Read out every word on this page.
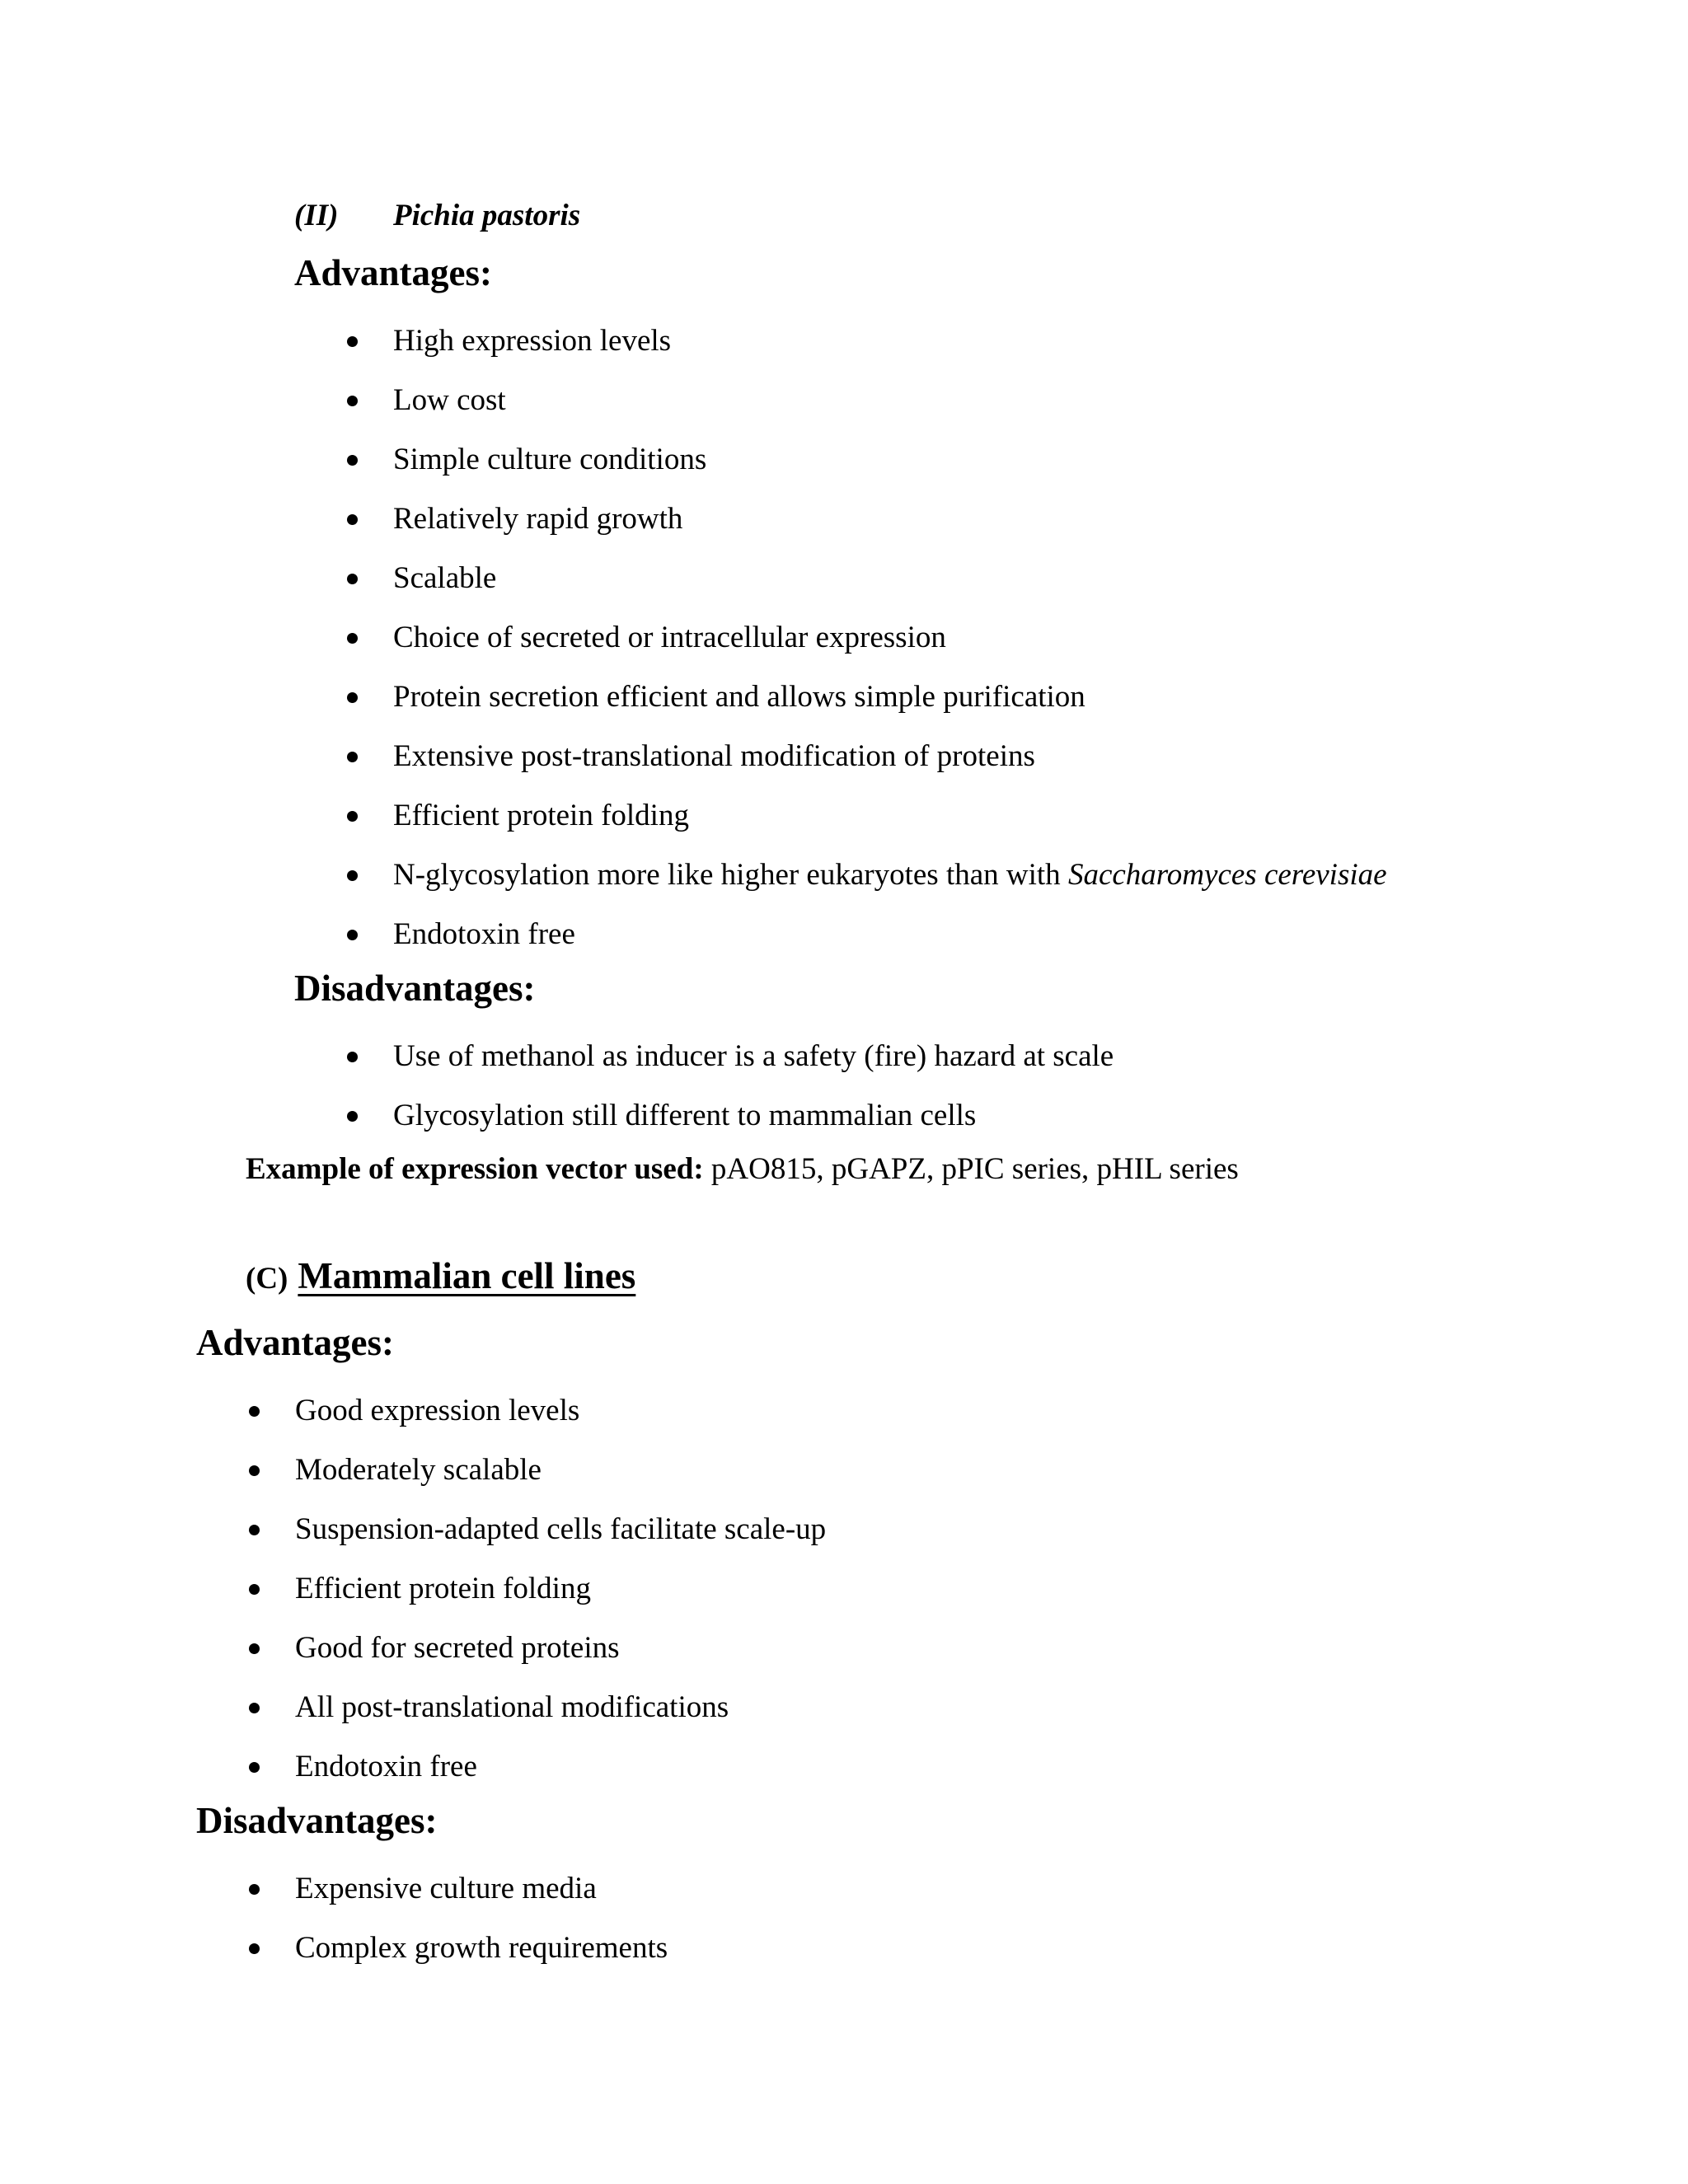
(II) Pichia pastoris
Advantages:
High expression levels
Low cost
Simple culture conditions
Relatively rapid growth
Scalable
Choice of secreted or intracellular expression
Protein secretion efficient and allows simple purification
Extensive post-translational modification of proteins
Efficient protein folding
N-glycosylation more like higher eukaryotes than with Saccharomyces cerevisiae
Endotoxin free
Disadvantages:
Use of methanol as inducer is a safety (fire) hazard at scale
Glycosylation still different to mammalian cells
Example of expression vector used: pAO815, pGAPZ, pPIC series, pHIL series
(C) Mammalian cell lines
Advantages:
Good expression levels
Moderately scalable
Suspension-adapted cells facilitate scale-up
Efficient protein folding
Good for secreted proteins
All post-translational modifications
Endotoxin free
Disadvantages:
Expensive culture media
Complex growth requirements
